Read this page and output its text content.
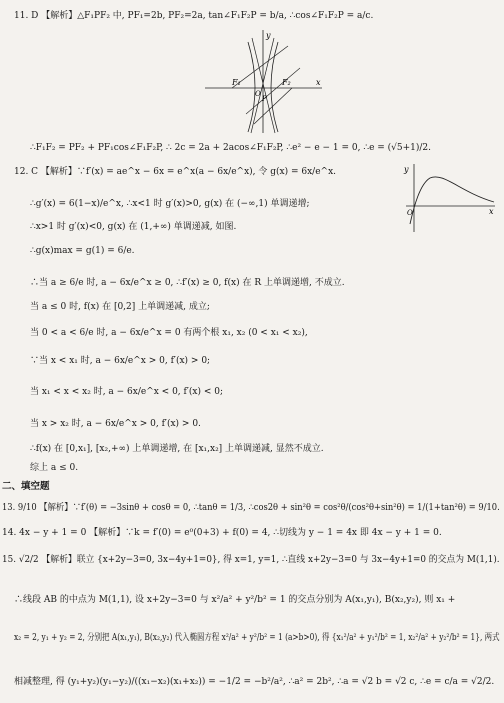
11. D 【解析】△F₁PF₂ 中, PF₁=2b, PF₂=2a, tan∠F₁F₂P = b/a, ∴cos∠F₁F₂P = a/c.
y
x
F₁	F₂
O
P
∴F₁F₂ = PF₂ + PF₁cos∠F₁F₂P, ∴ 2c = 2a + 2acos∠F₁F₂P, ∴e² − e − 1 = 0, ∴e = (√5+1)/2.
12. C 【解析】∵f′(x) = ae^x − 6x = e^x(a − 6x/e^x), 令 g(x) = 6x/e^x.
∴g′(x) = 6(1−x)/e^x, ∴x<1 时 g′(x)>0, g(x) 在 (−∞,1) 单调递增;
∴x>1 时 g′(x)<0, g(x) 在 (1,+∞) 单调递减, 如图.
∴g(x)max = g(1) = 6/e.
∴当 a ≥ 6/e 时, a − 6x/e^x ≥ 0, ∴f′(x) ≥ 0, f(x) 在 R 上单调递增, 不成立.
当 a ≤ 0 时, f(x) 在 [0,2] 上单调递减, 成立;
当 0 < a < 6/e 时, a − 6x/e^x = 0 有两个根 x₁, x₂ (0 < x₁ < x₂),
∵当 x < x₁ 时, a − 6x/e^x > 0, f′(x) > 0;
当 x₁ < x < x₂ 时, a − 6x/e^x < 0, f′(x) < 0;
当 x > x₂ 时, a − 6x/e^x > 0, f′(x) > 0.
∴f(x) 在 [0,x₁], [x₂,+∞) 上单调递增, 在 [x₁,x₂] 上单调递减, 显然不成立.
综上 a ≤ 0.
y
x
O
二、填空题
13. 9/10 【解析】∵f′(θ) = −3sinθ + cosθ = 0, ∴tanθ = 1/3, ∴cos2θ + sin²θ = cos²θ/(cos²θ+sin²θ) = 1/(1+tan²θ) = 9/10.
14. 4x − y + 1 = 0 【解析】∵k = f′(0) = e⁰(0+3) + f(0) = 4, ∴切线为 y − 1 = 4x 即 4x − y + 1 = 0.
15. √2/2 【解析】联立 {x+2y−3=0, 3x−4y+1=0}, 得 x=1, y=1, ∴直线 x+2y−3=0 与 3x−4y+1=0 的交点为 M(1,1).
∴线段 AB 的中点为 M(1,1), 设 x+2y−3=0 与 x²/a² + y²/b² = 1 的交点分别为 A(x₁,y₁), B(x₂,y₂), 则 x₁ +
x₂ = 2, y₁ + y₂ = 2, 分别把 A(x₁,y₁), B(x₂,y₂) 代入椭圆方程 x²/a² + y²/b² = 1 (a>b>0), 得 {x₁²/a² + y₁²/b² = 1, x₂²/a² + y₂²/b² = 1}, 两式
相减整理, 得 (y₁+y₂)(y₁−y₂)/((x₁−x₂)(x₁+x₂)) = −1/2 = −b²/a², ∴a² = 2b², ∴a = √2 b = √2 c, ∴e = c/a = √2/2.
